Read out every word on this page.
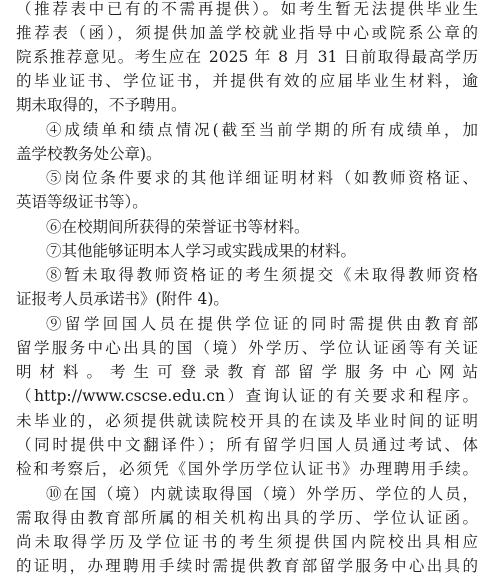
（推荐表中已有的不需再提供）。如考生暂无法提供毕业生
推荐表（函），须提供加盖学校就业指导中心或院系公章的
院系推荐意见。考生应在 2025 年 8 月 31 日前取得最高学历
的毕业证书、学位证书，并提供有效的应届毕业生材料，逾
期未取得的，不予聘用。
④成绩单和绩点情况(截至当前学期的所有成绩单，加
盖学校教务处公章)。
⑤岗位条件要求的其他详细证明材料（如教师资格证、
英语等级证书等）。
⑥在校期间所获得的荣誉证书等材料。
⑦其他能够证明本人学习或实践成果的材料。
⑧暂未取得教师资格证的考生须提交《未取得教师资格
证报考人员承诺书》(附件 4)。
⑨留学回国人员在提供学位证的同时需提供由教育部
留学服务中心出具的国（境）外学历、学位认证函等有关证
明材料。考生可登录教育部留学服务中心网站
（http://www.cscse.edu.cn）查询认证的有关要求和程序。
未毕业的，必须提供就读院校开具的在读及毕业时间的证明
（同时提供中文翻译件）；所有留学归国人员通过考试、体
检和考察后，必须凭《国外学历学位认证书》办理聘用手续。
⑩在国（境）内就读取得国（境）外学历、学位的人员，
需取得由教育部所属的相关机构出具的学历、学位认证函。
尚未取得学历及学位证书的考生须提供国内院校出具相应
的证明，办理聘用手续时需提供教育部留学服务中心出具的
